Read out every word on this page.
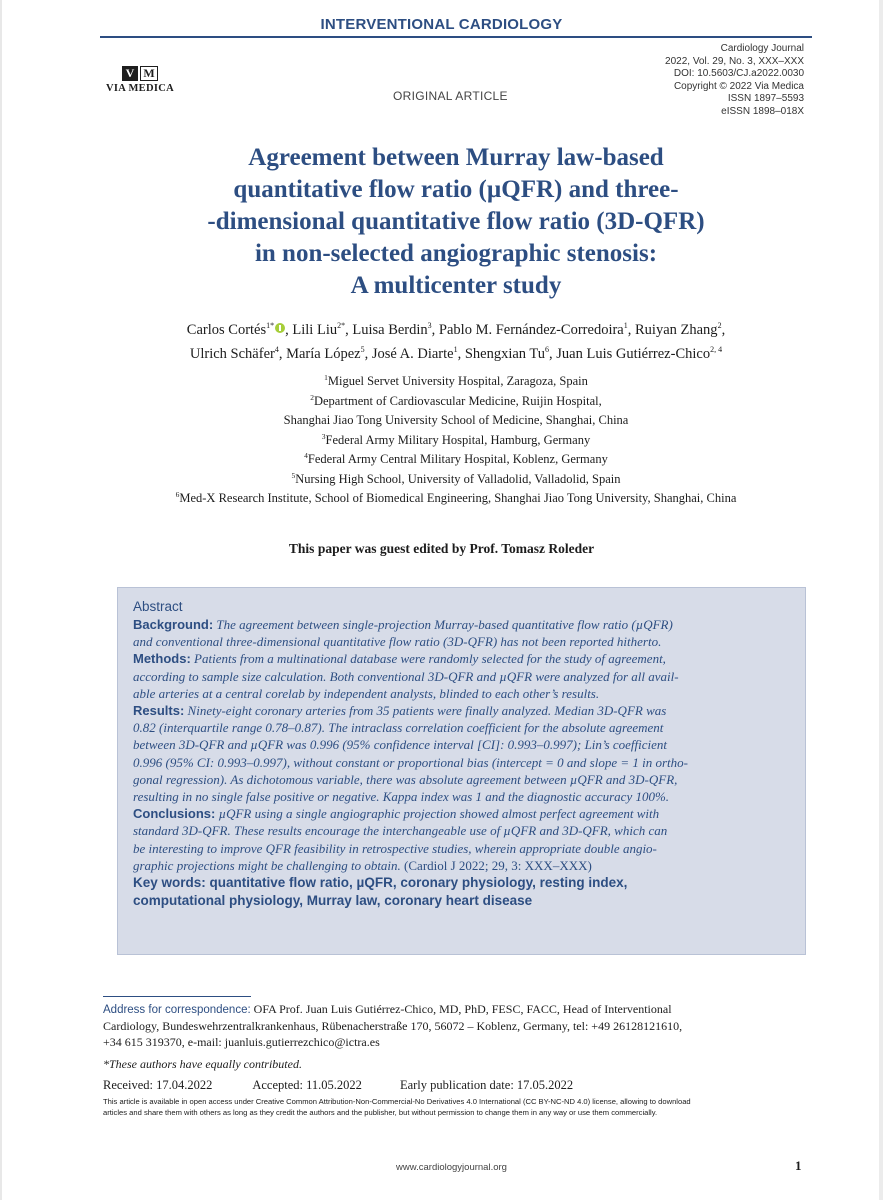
INTERVENTIONAL CARDIOLOGY
V M
VIA MEDICA
ORIGINAL ARTICLE
Cardiology Journal
2022, Vol. 29, No. 3, XXX–XXX
DOI: 10.5603/CJ.a2022.0030
Copyright © 2022 Via Medica
ISSN 1897–5593
eISSN 1898–018X
Agreement between Murray law-based
quantitative flow ratio (µQFR) and three-
-dimensional quantitative flow ratio (3D-QFR)
in non-selected angiographic stenosis:
A multicenter study
Carlos Cortés$^{1*}$ , Lili Liu$^{2*}$, Luisa Berdin$^3$, Pablo M. Fernández-Corredoira$^1$, Ruiyan Zhang$^2$,
Ulrich Schäfer$^4$, María López$^5$, José A. Diarte$^1$, Shengxian Tu$^6$, Juan Luis Gutiérrez-Chico$^{2, 4}$
$^1$Miguel Servet University Hospital, Zaragoza, Spain
$^2$Department of Cardiovascular Medicine, Ruijin Hospital,
Shanghai Jiao Tong University School of Medicine, Shanghai, China
$^3$Federal Army Military Hospital, Hamburg, Germany
$^4$Federal Army Central Military Hospital, Koblenz, Germany
$^5$Nursing High School, University of Valladolid, Valladolid, Spain
$^6$Med-X Research Institute, School of Biomedical Engineering, Shanghai Jiao Tong University, Shanghai, China
This paper was guest edited by Prof. Tomasz Roleder
Abstract
Background: The agreement between single-projection Murray-based quantitative flow ratio (µQFR)
and conventional three-dimensional quantitative flow ratio (3D-QFR) has not been reported hitherto.
Methods: Patients from a multinational database were randomly selected for the study of agreement,
according to sample size calculation. Both conventional 3D-QFR and µQFR were analyzed for all avail-
able arteries at a central corelab by independent analysts, blinded to each other’s results.
Results: Ninety-eight coronary arteries from 35 patients were finally analyzed. Median 3D-QFR was
0.82 (interquartile range 0.78–0.87). The intraclass correlation coefficient for the absolute agreement
between 3D-QFR and µQFR was 0.996 (95% confidence interval [CI]: 0.993–0.997); Lin’s coefficient
0.996 (95% CI: 0.993–0.997), without constant or proportional bias (intercept = 0 and slope = 1 in ortho-
gonal regression). As dichotomous variable, there was absolute agreement between µQFR and 3D-QFR,
resulting in no single false positive or negative. Kappa index was 1 and the diagnostic accuracy 100%.
Conclusions: µQFR using a single angiographic projection showed almost perfect agreement with
standard 3D-QFR. These results encourage the interchangeable use of µQFR and 3D-QFR, which can
be interesting to improve QFR feasibility in retrospective studies, wherein appropriate double angio-
graphic projections might be challenging to obtain. (Cardiol J 2022; 29, 3: XXX–XXX)
Key words: quantitative flow ratio, µQFR, coronary physiology, resting index,
computational physiology, Murray law, coronary heart disease
Address for correspondence: OFA Prof. Juan Luis Gutiérrez-Chico, MD, PhD, FESC, FACC, Head of Interventional
Cardiology, Bundeswehrzentralkrankenhaus, Rübenacherstraße 170, 56072 – Koblenz, Germany, tel: +49 26128121610,
+34 615 319370, e-mail: juanluis.gutierrezchico@ictra.es
*These authors have equally contributed.
Received: 17.04.2022	Accepted: 11.05.2022	Early publication date: 17.05.2022
This article is available in open access under Creative Common Attribution-Non-Commercial-No Derivatives 4.0 International (CC BY-NC-ND 4.0) license, allowing to download
articles and share them with others as long as they credit the authors and the publisher, but without permission to change them in any way or use them commercially.
www.cardiologyjournal.org	1
